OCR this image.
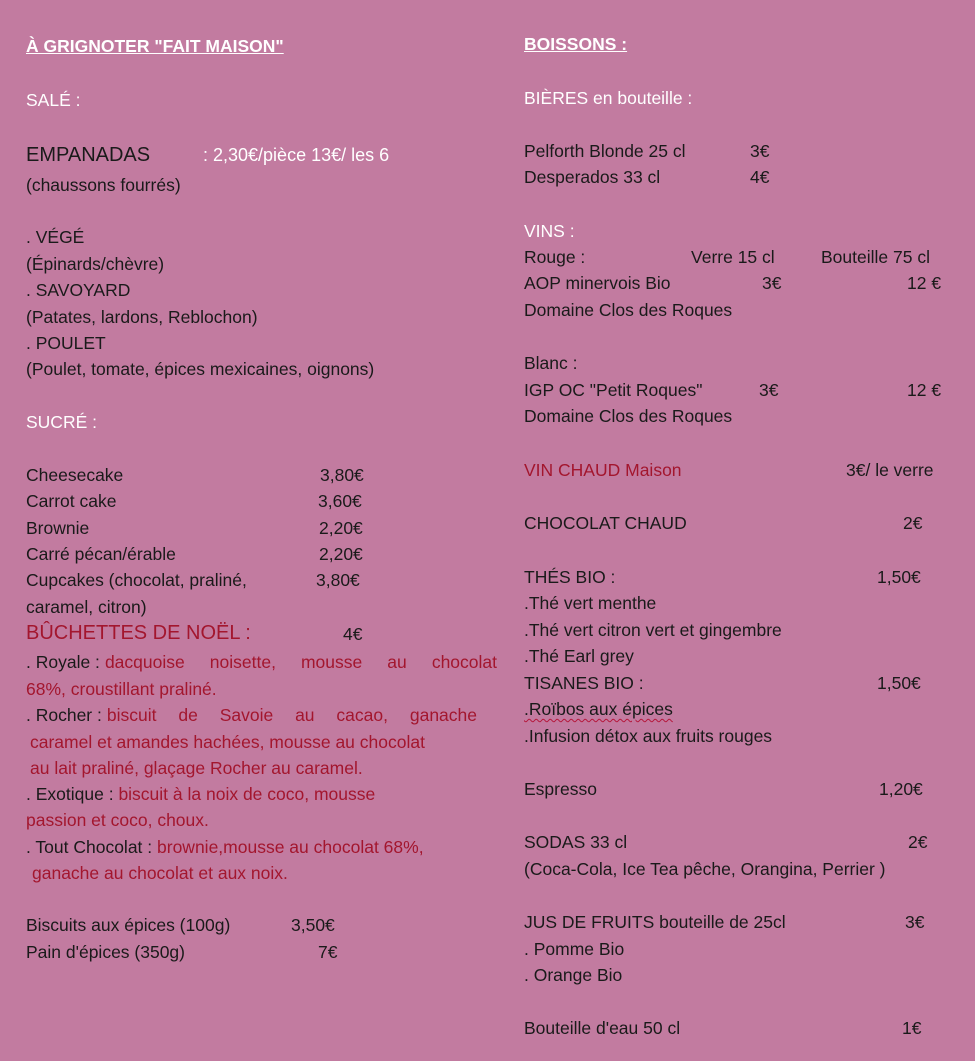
À GRIGNOTER "FAIT MAISON"
SALÉ :
EMPANADAS	: 2,30€/pièce 13€/ les 6
(chaussons fourrés)
. VÉGÉ
(Épinards/chèvre)
. SAVOYARD
(Patates, lardons, Reblochon)
. POULET
(Poulet, tomate, épices mexicaines, oignons)
SUCRÉ :
Cheesecake	3,80€
Carrot cake	3,60€
Brownie	2,20€
Carré pécan/érable	2,20€
Cupcakes (chocolat, praliné,	3,80€
caramel, citron)
BÛCHETTES DE NOËL :	4€
. Royale : dacquoise noisette, mousse au chocolat
68%, croustillant praliné.
. Rocher : biscuit de Savoie au cacao, ganache
caramel et amandes hachées, mousse au chocolat
au lait praliné, glaçage Rocher au caramel.
. Exotique : biscuit à la noix de coco, mousse
passion et coco, choux.
. Tout Chocolat : brownie,mousse au chocolat 68%,
ganache au chocolat et aux noix.
Biscuits aux épices (100g)	3,50€
Pain d'épices (350g)	7€
BOISSONS :
BIÈRES en bouteille :
Pelforth Blonde 25 cl	3€
Desperados 33 cl	4€
VINS :
Rouge :	Verre 15 cl	Bouteille 75 cl
AOP minervois Bio	3€	12 €
Domaine Clos des Roques
Blanc :
IGP OC "Petit Roques"	3€	12 €
Domaine Clos des Roques
VIN CHAUD Maison	3€/ le verre
CHOCOLAT CHAUD	2€
THÉS BIO :	1,50€
.Thé vert menthe
.Thé vert citron vert et gingembre
.Thé Earl grey
TISANES BIO :	1,50€
.Roïbos aux épices
.Infusion détox aux fruits rouges
Espresso	1,20€
SODAS 33 cl	2€
(Coca-Cola, Ice Tea pêche, Orangina, Perrier )
JUS DE FRUITS bouteille de 25cl	3€
. Pomme Bio
. Orange Bio
Bouteille d'eau 50 cl	1€
